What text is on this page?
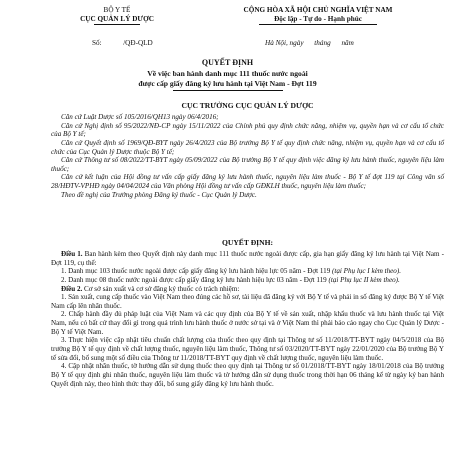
BỘ Y TẾ
CỤC QUẢN LÝ DƯỢC
CỘNG HÒA XÃ HỘI CHỦ NGHĨA VIỆT NAM
Độc lập - Tự do - Hạnh phúc
Số:	/QĐ-QLD	Hà Nội, ngày      tháng      năm
QUYẾT ĐỊNH
Về việc ban hành danh mục 111 thuốc nước ngoài
được cấp giấy đăng ký lưu hành tại Việt Nam - Đợt 119
CỤC TRƯỞNG CỤC QUẢN LÝ DƯỢC
Căn cứ Luật Dược số 105/2016/QH13 ngày 06/4/2016;
Căn cứ Nghị định số 95/2022/NĐ-CP ngày 15/11/2022 của Chính phủ quy định chức năng, nhiệm vụ, quyền hạn và cơ cấu tổ chức của Bộ Y tế;
Căn cứ Quyết định số 1969/QĐ-BYT ngày 26/4/2023 của Bộ trưởng Bộ Y tế quy định chức năng, nhiệm vụ, quyền hạn và cơ cấu tổ chức của Cục Quản lý Dược thuộc Bộ Y tế;
Căn cứ Thông tư số 08/2022/TT-BYT ngày 05/09/2022 của Bộ trưởng Bộ Y tế quy định việc đăng ký lưu hành thuốc, nguyên liệu làm thuốc;
Căn cứ kết luận của Hội đồng tư vấn cấp giấy đăng ký lưu hành thuốc, nguyên liệu làm thuốc - Bộ Y tế đợt 119 tại Công văn số 28/HĐTV-VPHĐ ngày 04/04/2024 của Văn phòng Hội đồng tư vấn cấp GĐKLH thuốc, nguyên liệu làm thuốc;
Theo đề nghị của Trưởng phòng Đăng ký thuốc - Cục Quản lý Dược.
QUYẾT ĐỊNH:
Điều 1. Ban hành kèm theo Quyết định này danh mục 111 thuốc nước ngoài được cấp, gia hạn giấy đăng ký lưu hành tại Việt Nam - Đợt 119, cụ thể:
1. Danh mục 103 thuốc nước ngoài được cấp giấy đăng ký lưu hành hiệu lực 05 năm - Đợt 119 (tại Phụ lục I kèm theo).
2. Danh mục 08 thuốc nước ngoài được cấp giấy đăng ký lưu hành hiệu lực 03 năm - Đợt 119 (tại Phụ lục II kèm theo).
Điều 2. Cơ sở sản xuất và cơ sở đăng ký thuốc có trách nhiệm:
1. Sản xuất, cung cấp thuốc vào Việt Nam theo đúng các hồ sơ, tài liệu đã đăng ký với Bộ Y tế và phải in số đăng ký được Bộ Y tế Việt Nam cấp lên nhãn thuốc.
2. Chấp hành đầy đủ pháp luật của Việt Nam và các quy định của Bộ Y tế về sản xuất, nhập khẩu thuốc và lưu hành thuốc tại Việt Nam, nếu có bất cứ thay đổi gì trong quá trình lưu hành thuốc ở nước sở tại và ở Việt Nam thì phải báo cáo ngay cho Cục Quản lý Dược - Bộ Y tế Việt Nam.
3. Thực hiện việc cập nhật tiêu chuẩn chất lượng của thuốc theo quy định tại Thông tư số 11/2018/TT-BYT ngày 04/5/2018 của Bộ trưởng Bộ Y tế quy định về chất lượng thuốc, nguyên liệu làm thuốc, Thông tư số 03/2020/TT-BYT ngày 22/01/2020 của Bộ trưởng Bộ Y tế sửa đổi, bổ sung một số điều của Thông tư 11/2018/TT-BYT quy định về chất lượng thuốc, nguyên liệu làm thuốc.
4. Cập nhật nhãn thuốc, tờ hướng dẫn sử dụng thuốc theo quy định tại Thông tư số 01/2018/TT-BYT ngày 18/01/2018 của Bộ trưởng Bộ Y tế quy định ghi nhãn thuốc, nguyên liệu làm thuốc và tờ hướng dẫn sử dụng thuốc trong thời hạn 06 tháng kể từ ngày ký ban hành Quyết định này, theo hình thức thay đổi, bổ sung giấy đăng ký lưu hành thuốc.
